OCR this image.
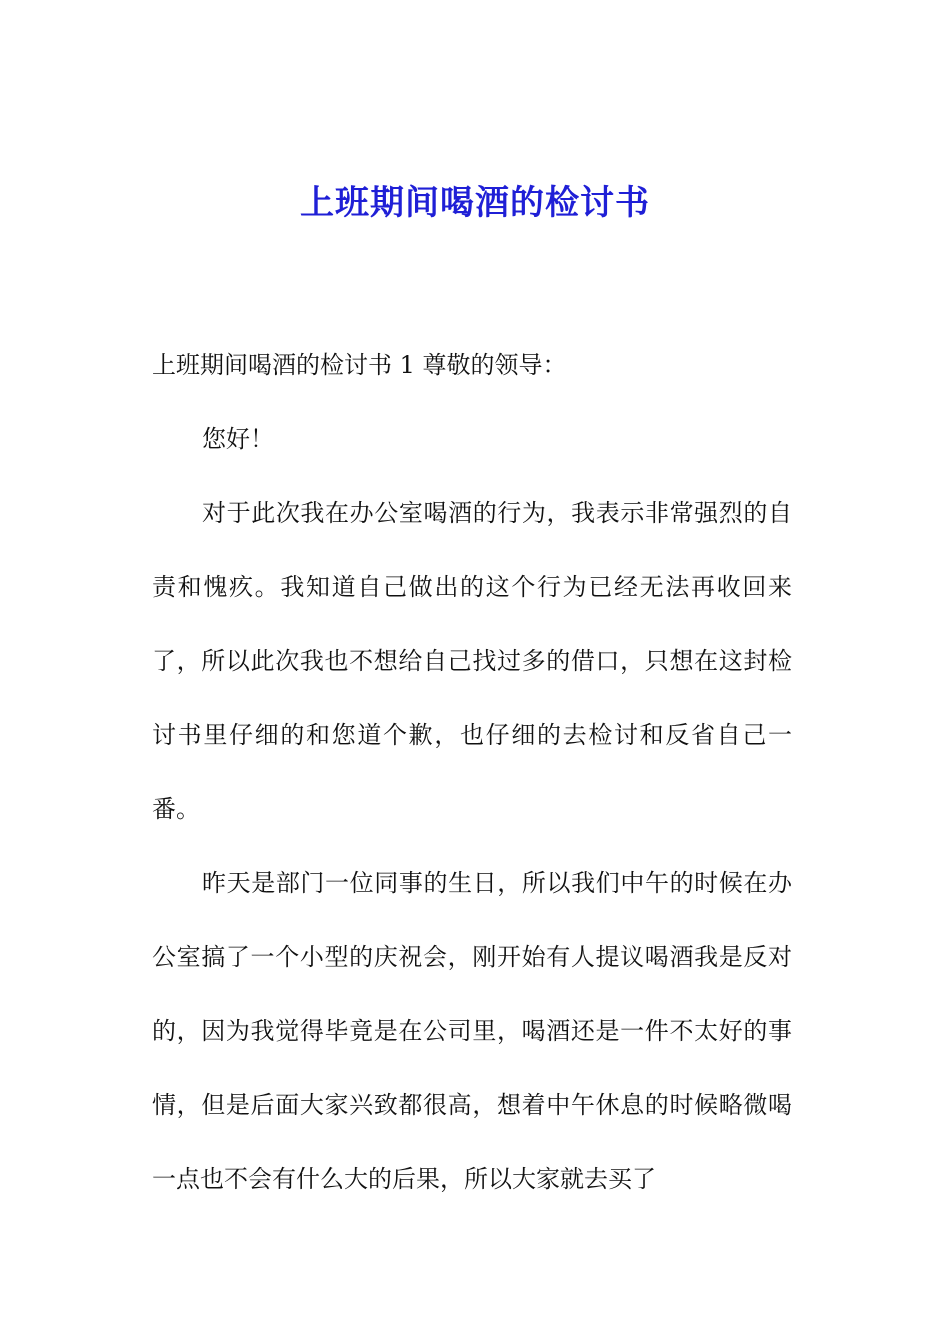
上班期间喝酒的检讨书

上班期间喝酒的检讨书 1 尊敬的领导：

您好！

对于此次我在办公室喝酒的行为，我表示非常强烈的自责和愧疚。我知道自己做出的这个行为已经无法再收回来了，所以此次我也不想给自己找过多的借口，只想在这封检讨书里仔细的和您道个歉，也仔细的去检讨和反省自己一番。

昨天是部门一位同事的生日，所以我们中午的时候在办公室搞了一个小型的庆祝会，刚开始有人提议喝酒我是反对的，因为我觉得毕竟是在公司里，喝酒还是一件不太好的事情，但是后面大家兴致都很高，想着中午休息的时候略微喝一点也不会有什么大的后果，所以大家就去买了
